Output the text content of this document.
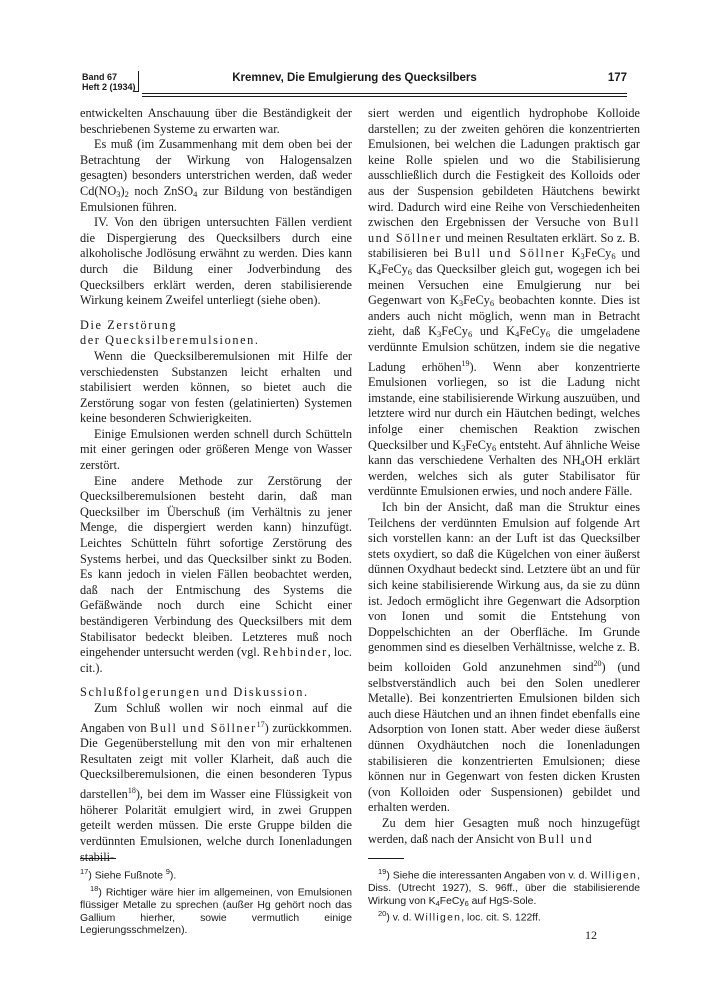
Band 67
Heft 2 (1934)
Kremnev, Die Emulgierung des Quecksilbers	177

entwickelten Anschauung über die Beständigkeit der beschriebenen Systeme zu erwarten war.

Es muß (im Zusammenhang mit dem oben bei der Betrachtung der Wirkung von Halogensalzen gesagten) besonders unterstrichen werden, daß weder $Cd(NO_3)_2$ noch ZnSO$_4$ zur Bildung von beständigen Emulsionen führen.

IV. Von den übrigen untersuchten Fällen verdient die Dispergierung des Quecksilbers durch eine alkoholische Jodlösung erwähnt zu werden. Dies kann durch die Bildung einer Jodverbindung des Quecksilbers erklärt werden, deren stabilisierende Wirkung keinem Zweifel unterliegt (siehe oben).

Die Zerstörung

der Quecksilberemulsionen.

Wenn die Quecksilberemulsionen mit Hilfe der verschiedensten Substanzen leicht erhalten und stabilisiert werden können, so bietet auch die Zerstörung sogar von festen (gelatinierten) Systemen keine besonderen Schwierigkeiten.

Einige Emulsionen werden schnell durch Schütteln mit einer geringen oder größeren Menge von Wasser zerstört.

Eine andere Methode zur Zerstörung der Quecksilberemulsionen besteht darin, daß man Quecksilber im Überschuß (im Verhältnis zu jener Menge, die dispergiert werden kann) hinzufügt. Leichtes Schütteln führt sofortige Zerstörung des Systems herbei, und das Quecksilber sinkt zu Boden. Es kann jedoch in vielen Fällen beobachtet werden, daß nach der Entmischung des Systems die Gefäßwände noch durch eine Schicht einer beständigeren Verbindung des Quecksilbers mit dem Stabilisator bedeckt bleiben. Letzteres muß noch eingehender untersucht werden (vgl. Rehbinder, loc. cit.).

Schlußfolgerungen und Diskussion.

Zum Schluß wollen wir noch einmal auf die Angaben von Bull und Söllner$^{17}$) zurückkommen. Die Gegenüberstellung mit den von mir erhaltenen Resultaten zeigt mit voller Klarheit, daß auch die Quecksilberemulsionen, die einen besonderen Typus darstellen$^{18}$), bei dem im Wasser eine Flüssigkeit von höherer Polarität emulgiert wird, in zwei Gruppen geteilt werden müssen. Die erste Gruppe bilden die verdünnten Emulsionen, welche durch Ionenladungen stabili-

siert werden und eigentlich hydrophobe Kolloide darstellen; zu der zweiten gehören die konzentrierten Emulsionen, bei welchen die Ladungen praktisch gar keine Rolle spielen und wo die Stabilisierung ausschließlich durch die Festigkeit des Kolloids oder aus der Suspension gebildeten Häutchens bewirkt wird. Dadurch wird eine Reihe von Verschiedenheiten zwischen den Ergebnissen der Versuche von Bull und Söllner und meinen Resultaten erklärt. So z. B. stabilisieren bei Bull und Söllner $K_3FeCy_6$ und $K_4FeCy_6$ das Quecksilber gleich gut, wogegen ich bei meinen Versuchen eine Emulgierung nur bei Gegenwart von $K_3FeCy_6$ beobachten konnte. Dies ist anders auch nicht möglich, wenn man in Betracht zieht, daß $K_3FeCy_6$ und $K_4FeCy_6$ die umgeladene verdünnte Emulsion schützen, indem sie die negative Ladung erhöhen$^{19}$). Wenn aber konzentrierte Emulsionen vorliegen, so ist die Ladung nicht imstande, eine stabilisierende Wirkung auszuüben, und letztere wird nur durch ein Häutchen bedingt, welches infolge einer chemischen Reaktion zwischen Quecksilber und $K_3FeCy_6$ entsteht. Auf ähnliche Weise kann das verschiedene Verhalten des $NH_4OH$ erklärt werden, welches sich als guter Stabilisator für verdünnte Emulsionen erwies, und noch andere Fälle.

Ich bin der Ansicht, daß man die Struktur eines Teilchens der verdünnten Emulsion auf folgende Art sich vorstellen kann: an der Luft ist das Quecksilber stets oxydiert, so daß die Kügelchen von einer äußerst dünnen Oxydhaut bedeckt sind. Letztere übt an und für sich keine stabilisierende Wirkung aus, da sie zu dünn ist. Jedoch ermöglicht ihre Gegenwart die Adsorption von Ionen und somit die Entstehung von Doppelschichten an der Oberfläche. Im Grunde genommen sind es dieselben Verhältnisse, welche z. B. beim kolloiden Gold anzunehmen sind$^{20}$) (und selbstverständlich auch bei den Solen unedlerer Metalle). Bei konzentrierten Emulsionen bilden sich auch diese Häutchen und an ihnen findet ebenfalls eine Adsorption von Ionen statt. Aber weder diese äußerst dünnen Oxydhäutchen noch die Ionenladungen stabilisieren die konzentrierten Emulsionen; diese können nur in Gegenwart von festen dicken Krusten (von Kolloiden oder Suspensionen) gebildet und erhalten werden.

Zu dem hier Gesagten muß noch hinzugefügt werden, daß nach der Ansicht von Bull und

$^{17}$) Siehe Fußnote $^9$).

$^{18}$) Richtiger wäre hier im allgemeinen, von Emulsionen flüssiger Metalle zu sprechen (außer Hg gehört noch das Gallium hierher, sowie vermutlich einige Legierungsschmelzen).

$^{19}$) Siehe die interessanten Angaben von v. d. Willigen, Diss. (Utrecht 1927), S. 96ff., über die stabilisierende Wirkung von $K_4FeCy_6$ auf HgS-Sole.

$^{20}$) v. d. Willigen, loc. cit. S. 122ff.

12
